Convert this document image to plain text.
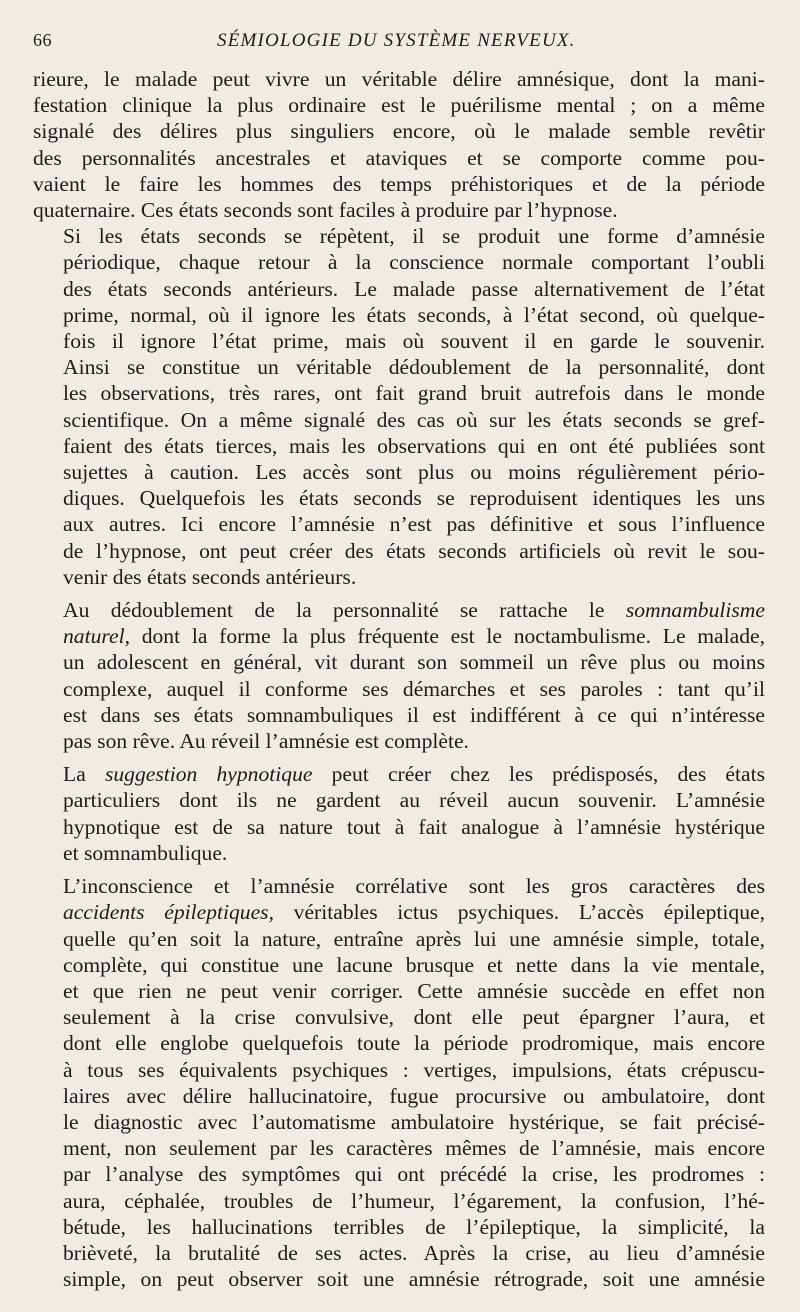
66	SÉMIOLOGIE DU SYSTÈME NERVEUX.

rieure, le malade peut vivre un véritable délire amnésique, dont la mani-
festation clinique la plus ordinaire est le puérilisme mental ; on a même
signalé des délires plus singuliers encore, où le malade semble revêtir
des personnalités ancestrales et ataviques et se comporte comme pou-
vaient le faire les hommes des temps préhistoriques et de la période
quaternaire. Ces états seconds sont faciles à produire par l’hypnose.

Si les états seconds se répètent, il se produit une forme d’amnésie
périodique, chaque retour à la conscience normale comportant l’oubli
des états seconds antérieurs. Le malade passe alternativement de l’état
prime, normal, où il ignore les états seconds, à l’état second, où quelque-
fois il ignore l’état prime, mais où souvent il en garde le souvenir.
Ainsi se constitue un véritable dédoublement de la personnalité, dont
les observations, très rares, ont fait grand bruit autrefois dans le monde
scientifique. On a même signalé des cas où sur les états seconds se gref-
faient des états tierces, mais les observations qui en ont été publiées sont
sujettes à caution. Les accès sont plus ou moins régulièrement pério-
diques. Quelquefois les états seconds se reproduisent identiques les uns
aux autres. Ici encore l’amnésie n’est pas définitive et sous l’influence
de l’hypnose, ont peut créer des états seconds artificiels où revit le sou-
venir des états seconds antérieurs.

Au dédoublement de la personnalité se rattache le somnambulisme
naturel, dont la forme la plus fréquente est le noctambulisme. Le malade,
un adolescent en général, vit durant son sommeil un rêve plus ou moins
complexe, auquel il conforme ses démarches et ses paroles : tant qu’il
est dans ses états somnambuliques il est indifférent à ce qui n’intéresse
pas son rêve. Au réveil l’amnésie est complète.

La suggestion hypnotique peut créer chez les prédisposés, des états
particuliers dont ils ne gardent au réveil aucun souvenir. L’amnésie
hypnotique est de sa nature tout à fait analogue à l’amnésie hystérique
et somnambulique.

L’inconscience et l’amnésie corrélative sont les gros caractères des
accidents épileptiques, véritables ictus psychiques. L’accès épileptique,
quelle qu’en soit la nature, entraîne après lui une amnésie simple, totale,
complète, qui constitue une lacune brusque et nette dans la vie mentale,
et que rien ne peut venir corriger. Cette amnésie succède en effet non
seulement à la crise convulsive, dont elle peut épargner l’aura, et
dont elle englobe quelquefois toute la période prodromique, mais encore
à tous ses équivalents psychiques : vertiges, impulsions, états crépuscu-
laires avec délire hallucinatoire, fugue procursive ou ambulatoire, dont
le diagnostic avec l’automatisme ambulatoire hystérique, se fait précisé-
ment, non seulement par les caractères mêmes de l’amnésie, mais encore
par l’analyse des symptômes qui ont précédé la crise, les prodromes :
aura, céphalée, troubles de l’humeur, l’égarement, la confusion, l’hé-
bétude, les hallucinations terribles de l’épileptique, la simplicité, la
brièveté, la brutalité de ses actes. Après la crise, au lieu d’amnésie
simple, on peut observer soit une amnésie rétrograde, soit une amnésie
